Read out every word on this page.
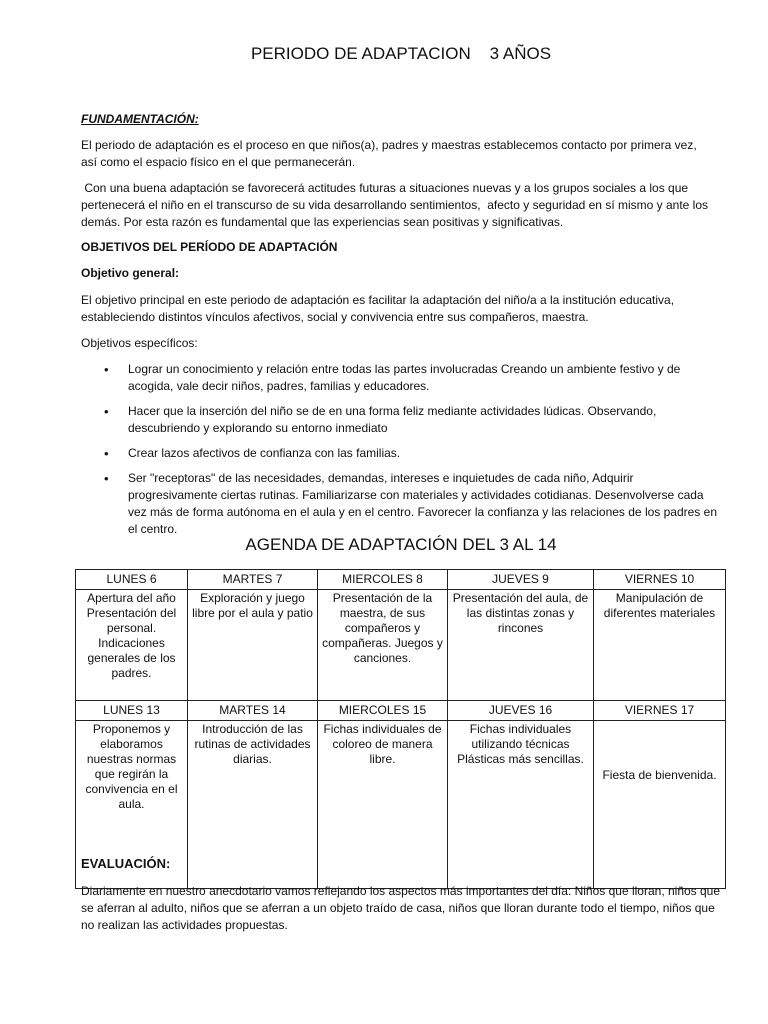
PERIODO DE ADAPTACION    3 AÑOS
FUNDAMENTACIÓN:
El periodo de adaptación es el proceso en que niños(a), padres y maestras establecemos contacto por primera vez, así como el espacio físico en el que permanecerán.
Con una buena adaptación se favorecerá actitudes futuras a situaciones nuevas y a los grupos sociales a los que pertenecerá el niño en el transcurso de su vida desarrollando sentimientos,  afecto y seguridad en sí mismo y ante los demás. Por esta razón es fundamental que las experiencias sean positivas y significativas.
OBJETIVOS DEL PERÍODO DE ADAPTACIÓN
Objetivo general:
El objetivo principal en este periodo de adaptación es facilitar la adaptación del niño/a a la institución educativa, estableciendo distintos vínculos afectivos, social y convivencia entre sus compañeros, maestra.
Objetivos específicos:
• Lograr un conocimiento y relación entre todas las partes involucradas Creando un ambiente festivo y de acogida, vale decir niños, padres, familias y educadores.
• Hacer que la inserción del niño se de en una forma feliz mediante actividades lúdicas. Observando, descubriendo y explorando su entorno inmediato
• Crear lazos afectivos de confianza con las familias.
• Ser "receptoras" de las necesidades, demandas, intereses e inquietudes de cada niño, Adquirir progresivamente ciertas rutinas. Familiarizarse con materiales y actividades cotidianas. Desenvolverse cada vez más de forma autónoma en el aula y en el centro. Favorecer la confianza y las relaciones de los padres en el centro.
AGENDA DE ADAPTACIÓN DEL 3 AL 14
LUNES 6	MARTES 7	MIERCOLES 8	JUEVES 9	VIERNES 10
Apertura del año Presentación del personal. Indicaciones generales de los padres.	Exploración y juego libre por el aula y patio	Presentación de la maestra, de sus compañeros y compañeras. Juegos y canciones.	Presentación del aula, de las distintas zonas y rincones	Manipulación de diferentes materiales
LUNES 13	MARTES 14	MIERCOLES 15	JUEVES 16	VIERNES 17
Proponemos y elaboramos nuestras normas que regirán la convivencia en el aula.	Introducción de las rutinas de actividades diarias.	Fichas individuales de coloreo de manera libre.	Fichas individuales utilizando técnicas Plásticas más sencillas.	Fiesta de bienvenida.
EVALUACIÓN:
Diariamente en nuestro anecdotario vamos reflejando los aspectos más importantes del día: Niños que lloran, niños que se aferran al adulto, niños que se aferran a un objeto traído de casa, niños que lloran durante todo el tiempo, niños que no realizan las actividades propuestas.
